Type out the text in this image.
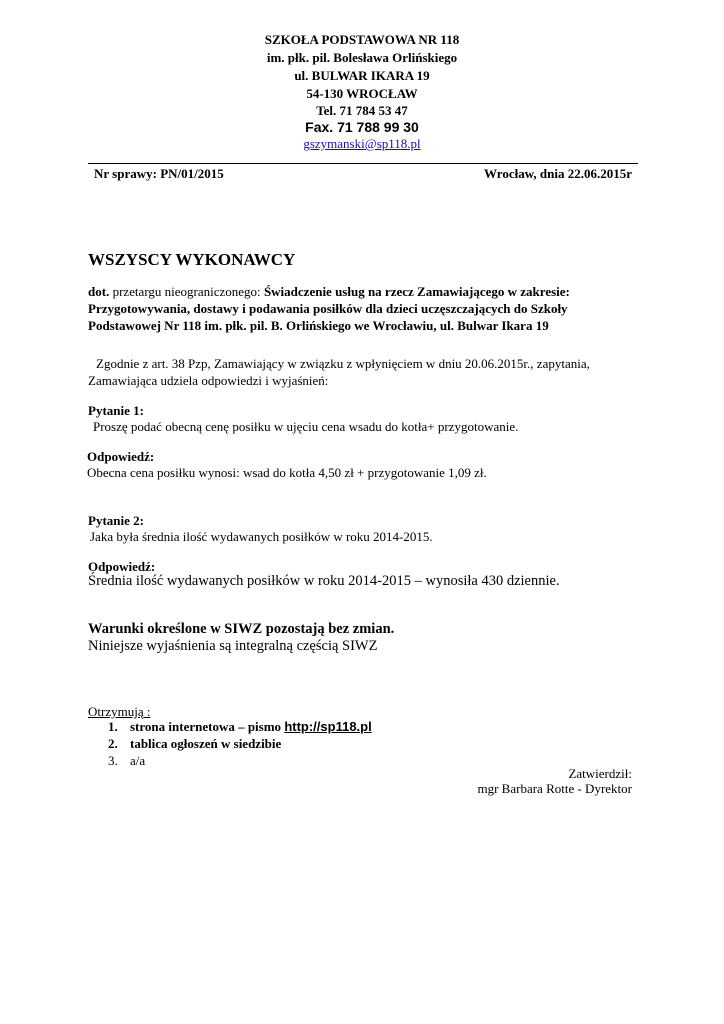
SZKOŁA PODSTAWOWA NR 118
im. płk. pil. Bolesława Orlińskiego
ul. BULWAR IKARA 19
54-130 WROCŁAW
Tel. 71 784 53 47
Fax. 71 788 99 30
gszymanski@sp118.pl
Nr sprawy: PN/01/2015	Wrocław, dnia 22.06.2015r
WSZYSCY WYKONAWCY
dot. przetargu nieograniczonego: Świadczenie usług na rzecz Zamawiającego w zakresie:
Przygotowywania, dostawy i podawania posiłków dla dzieci uczęszczających do Szkoły
Podstawowej Nr 118 im. płk. pil. B. Orlińskiego we Wrocławiu, ul. Bulwar Ikara 19
Zgodnie z art. 38 Pzp, Zamawiający w związku z wpłynięciem w dniu 20.06.2015r., zapytania,
Zamawiająca udziela odpowiedzi i wyjaśnień:
Pytanie 1:
Proszę podać obecną cenę posiłku w ujęciu cena wsadu do kotła+ przygotowanie.
Odpowiedź:
Obecna cena posiłku wynosi: wsad do kotła 4,50 zł + przygotowanie 1,09 zł.
Pytanie 2:
Jaka była średnia ilość wydawanych posiłków w roku 2014-2015.
Odpowiedź:
Średnia ilość wydawanych posiłków w roku 2014-2015 – wynosiła 430 dziennie.
Warunki określone w SIWZ pozostają bez zmian.
Niniejsze wyjaśnienia są integralną częścią SIWZ
Otrzymują :
1. strona internetowa – pismo http://sp118.pl
2. tablica ogłoszeń w siedzibie
3. a/a
Zatwierdził:
mgr Barbara Rotte - Dyrektor
